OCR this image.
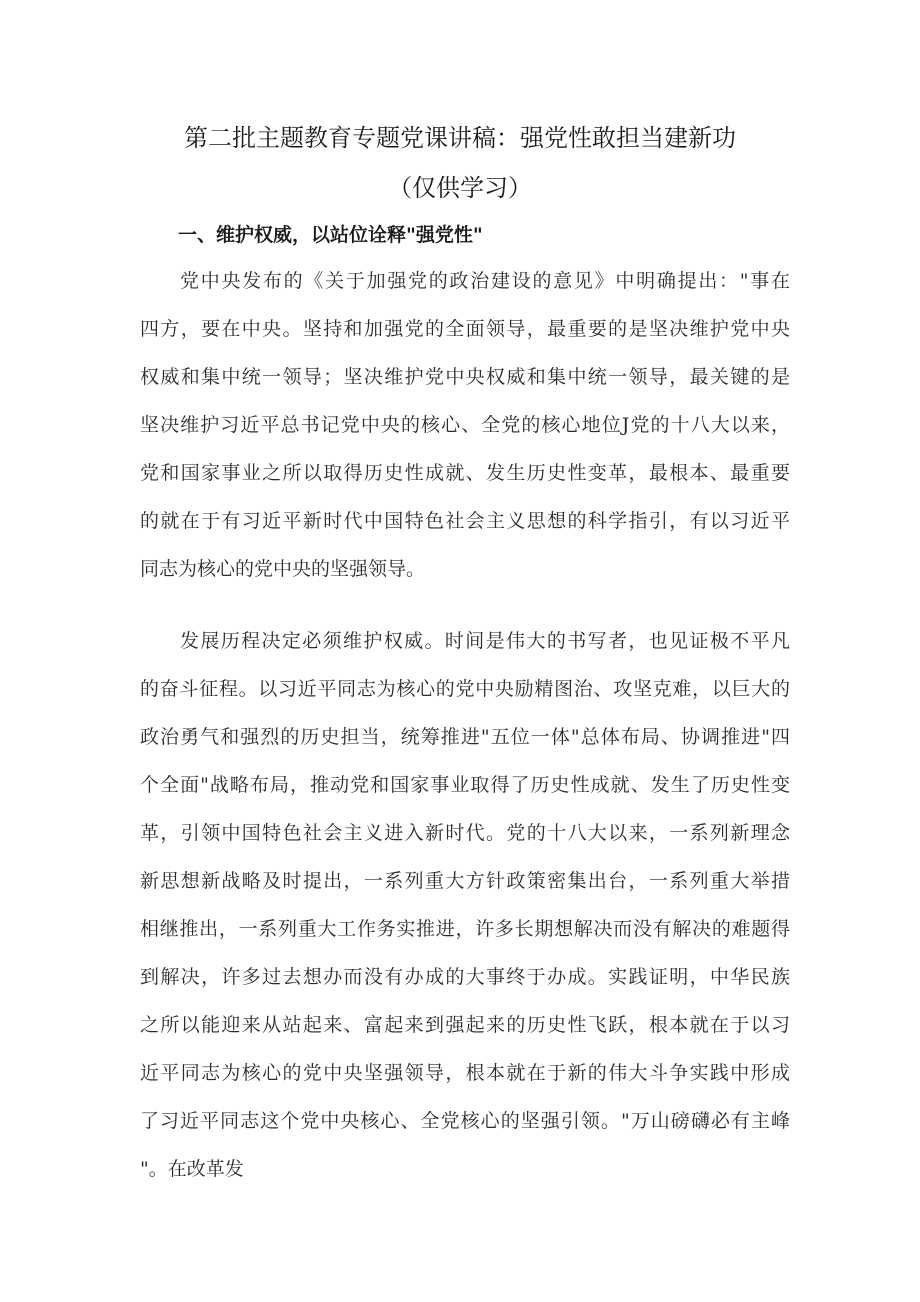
第二批主题教育专题党课讲稿：强党性敢担当建新功
（仅供学习）
一、维护权威，以站位诠释"强党性"
党中央发布的《关于加强党的政治建设的意见》中明确提出："事在
四方，要在中央。坚持和加强党的全面领导，最重要的是坚决维护党中央
权威和集中统一领导；坚决维护党中央权威和集中统一领导，最关键的是
坚决维护习近平总书记党中央的核心、全党的核心地位J党的十八大以来，
党和国家事业之所以取得历史性成就、发生历史性变革，最根本、最重要
的就在于有习近平新时代中国特色社会主义思想的科学指引，有以习近平
同志为核心的党中央的坚强领导。
发展历程决定必须维护权威。时间是伟大的书写者，也见证极不平凡
的奋斗征程。以习近平同志为核心的党中央励精图治、攻坚克难，以巨大的
政治勇气和强烈的历史担当，统筹推进"五位一体"总体布局、协调推进"四
个全面"战略布局，推动党和国家事业取得了历史性成就、发生了历史性变
革，引领中国特色社会主义进入新时代。党的十八大以来，一系列新理念
新思想新战略及时提出，一系列重大方针政策密集出台，一系列重大举措
相继推出，一系列重大工作务实推进，许多长期想解决而没有解决的难题得
到解决，许多过去想办而没有办成的大事终于办成。实践证明，中华民族
之所以能迎来从站起来、富起来到强起来的历史性飞跃，根本就在于以习
近平同志为核心的党中央坚强领导，根本就在于新的伟大斗争实践中形成
了习近平同志这个党中央核心、全党核心的坚强引领。"万山磅礴必有主峰
"。在改革发
